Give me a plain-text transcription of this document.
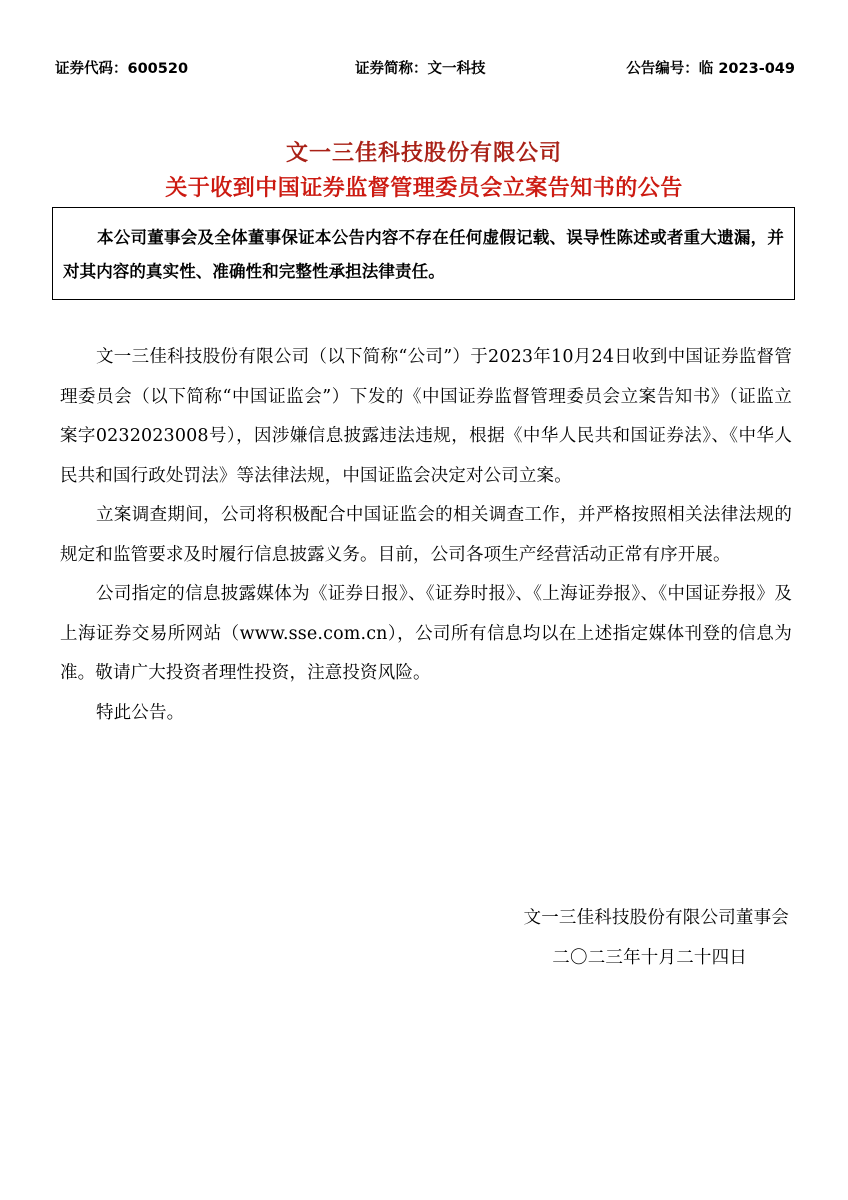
证券代码：600520	证券简称：文一科技	公告编号：临 2023-049
文一三佳科技股份有限公司
关于收到中国证券监督管理委员会立案告知书的公告
本公司董事会及全体董事保证本公告内容不存在任何虚假记载、误导性陈述或者重大遗漏，并对其内容的真实性、准确性和完整性承担法律责任。

文一三佳科技股份有限公司（以下简称“公司”）于2023年10月24日收到中国证券监督管理委员会（以下简称“中国证监会”）下发的《中国证券监督管理委员会立案告知书》（证监立案字0232023008号），因涉嫌信息披露违法违规，根据《中华人民共和国证券法》、《中华人民共和国行政处罚法》等法律法规，中国证监会决定对公司立案。

立案调查期间，公司将积极配合中国证监会的相关调查工作，并严格按照相关法律法规的规定和监管要求及时履行信息披露义务。目前，公司各项生产经营活动正常有序开展。

公司指定的信息披露媒体为《证券日报》、《证券时报》、《上海证券报》、《中国证券报》及上海证券交易所网站（www.sse.com.cn），公司所有信息均以在上述指定媒体刊登的信息为准。敬请广大投资者理性投资，注意投资风险。

特此公告。

文一三佳科技股份有限公司董事会
二〇二三年十月二十四日
